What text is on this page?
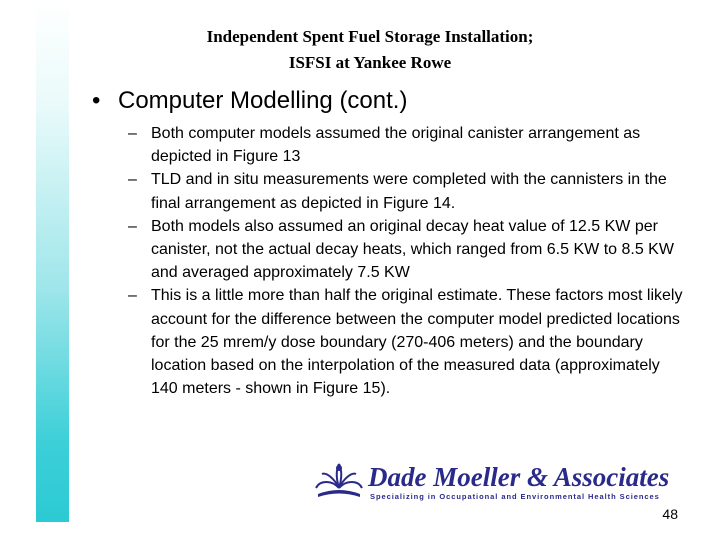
Independent Spent Fuel Storage Installation;
ISFSI at Yankee Rowe
• Computer Modelling (cont.)
– Both computer models assumed the original canister arrangement as depicted in Figure 13
– TLD and in situ measurements were completed with the cannisters in the final arrangement as depicted in Figure 14.
– Both models also assumed an original decay heat value of 12.5 KW per canister, not the actual decay heats, which ranged from 6.5 KW to 8.5 KW and averaged approximately 7.5 KW
– This is a little more than half the original estimate. These factors most likely account for the difference between the computer model predicted locations for the 25 mrem/y dose boundary (270-406 meters) and the boundary location based on the interpolation of the measured data (approximately 140 meters - shown in Figure 15).
Dade Moeller & Associates
Specializing in Occupational and Environmental Health Sciences
48
